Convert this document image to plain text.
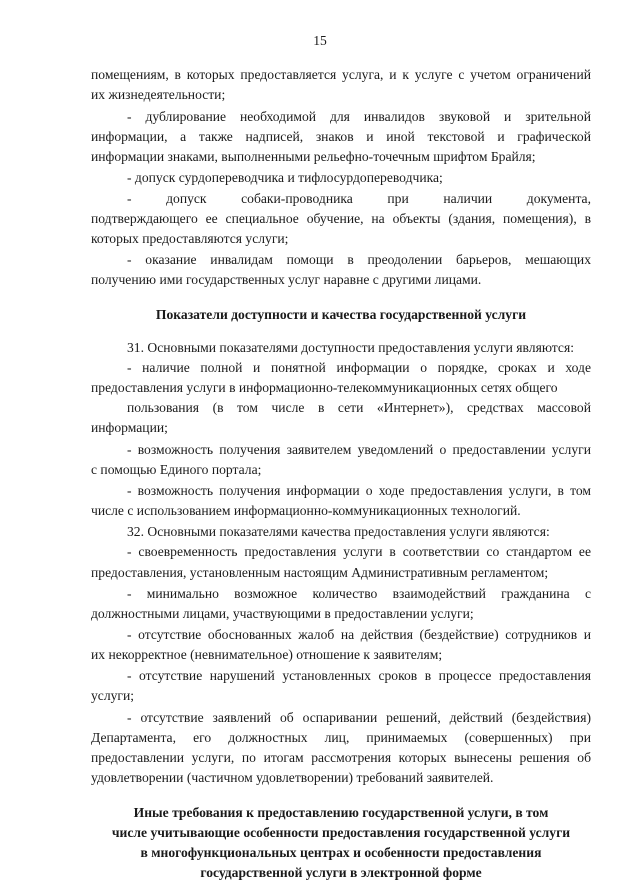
15
помещениям, в которых предоставляется услуга, и к услуге с учетом ограничений
их жизнедеятельности;
- дублирование необходимой для инвалидов звуковой и зрительной
информации, а также надписей, знаков и иной текстовой и графической
информации знаками, выполненными рельефно-точечным шрифтом Брайля;
- допуск сурдопереводчика и тифлосурдопереводчика;
- допуск собаки-проводника при наличии документа,
подтверждающего ее специальное обучение, на объекты (здания, помещения), в
которых предоставляются услуги;
- оказание инвалидам помощи в преодолении барьеров, мешающих
получению ими государственных услуг наравне с другими лицами.
Показатели доступности и качества государственной услуги
31. Основными показателями доступности предоставления услуги являются:
- наличие полной и понятной информации о порядке, сроках и ходе
предоставления услуги в информационно-телекоммуникационных сетях общего
пользования (в том числе в сети «Интернет»), средствах массовой
информации;
- возможность получения заявителем уведомлений о предоставлении услуги
с помощью Единого портала;
- возможность получения информации о ходе предоставления услуги, в том
числе с использованием информационно-коммуникационных технологий.
32. Основными показателями качества предоставления услуги являются:
- своевременность предоставления услуги в соответствии со стандартом ее
предоставления, установленным настоящим Административным регламентом;
- минимально возможное количество взаимодействий гражданина с
должностными лицами, участвующими в предоставлении услуги;
- отсутствие обоснованных жалоб на действия (бездействие) сотрудников и
их некорректное (невнимательное) отношение к заявителям;
- отсутствие нарушений установленных сроков в процессе предоставления
услуги;
- отсутствие заявлений об оспаривании решений, действий (бездействия)
Департамента, его должностных лиц, принимаемых (совершенных) при
предоставлении услуги, по итогам рассмотрения которых вынесены решения об
удовлетворении (частичном удовлетворении) требований заявителей.
Иные требования к предоставлению государственной услуги, в том
числе учитывающие особенности предоставления государственной услуги
в многофункциональных центрах и особенности предоставления
государственной услуги в электронной форме
